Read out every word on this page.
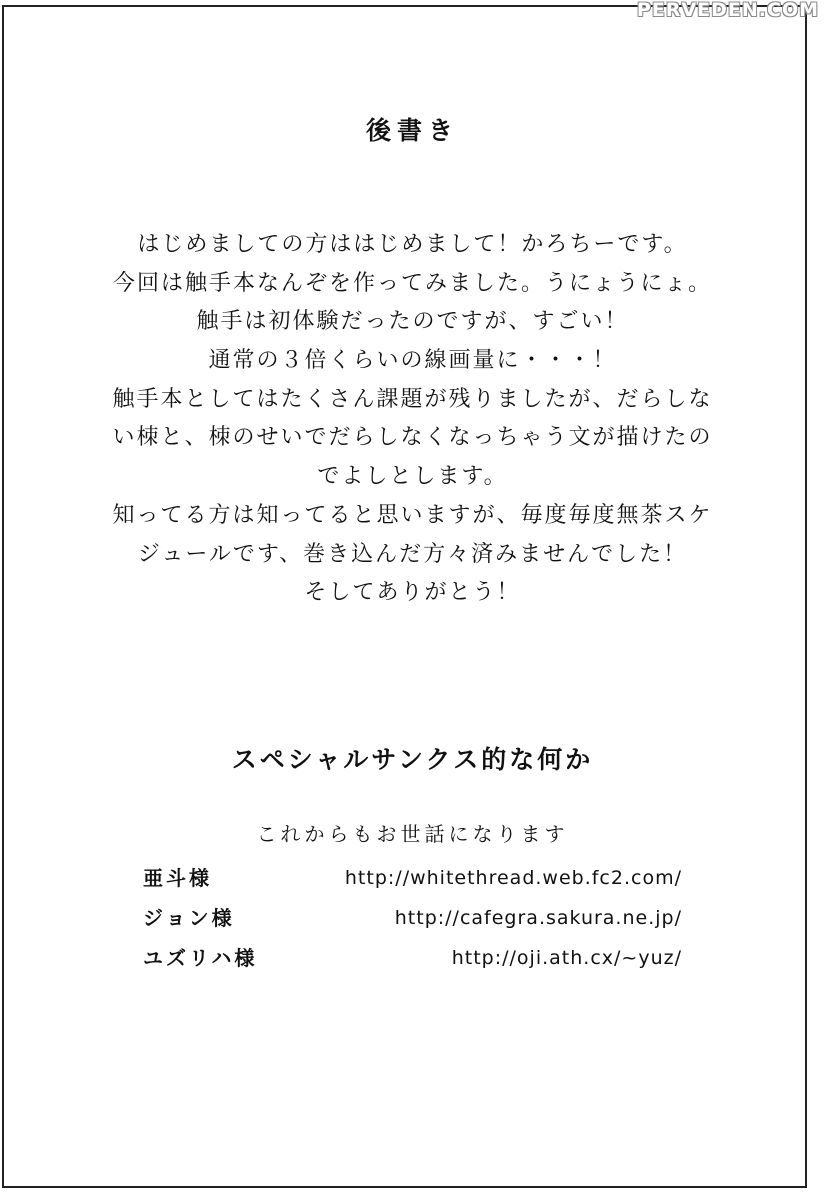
PERVEDEN.COM
後書き
はじめましての方ははじめまして！かろちーです。
今回は触手本なんぞを作ってみました。うにょうにょ。
触手は初体験だったのですが、すごい！
通常の３倍くらいの線画量に・・・！
触手本としてはたくさん課題が残りましたが、だらしな
い栜と、栜のせいでだらしなくなっちゃう文が描けたの
でよしとします。
知ってる方は知ってると思いますが、毎度毎度無茶スケ
ジュールです、巻き込んだ方々済みませんでした！
そしてありがとう！
スペシャルサンクス的な何か
これからもお世話になります
亜斗様	http://whitethread.web.fc2.com/
ジョン様	http://cafegra.sakura.ne.jp/
ユズリハ様	http://oji.ath.cx/~yuz/
